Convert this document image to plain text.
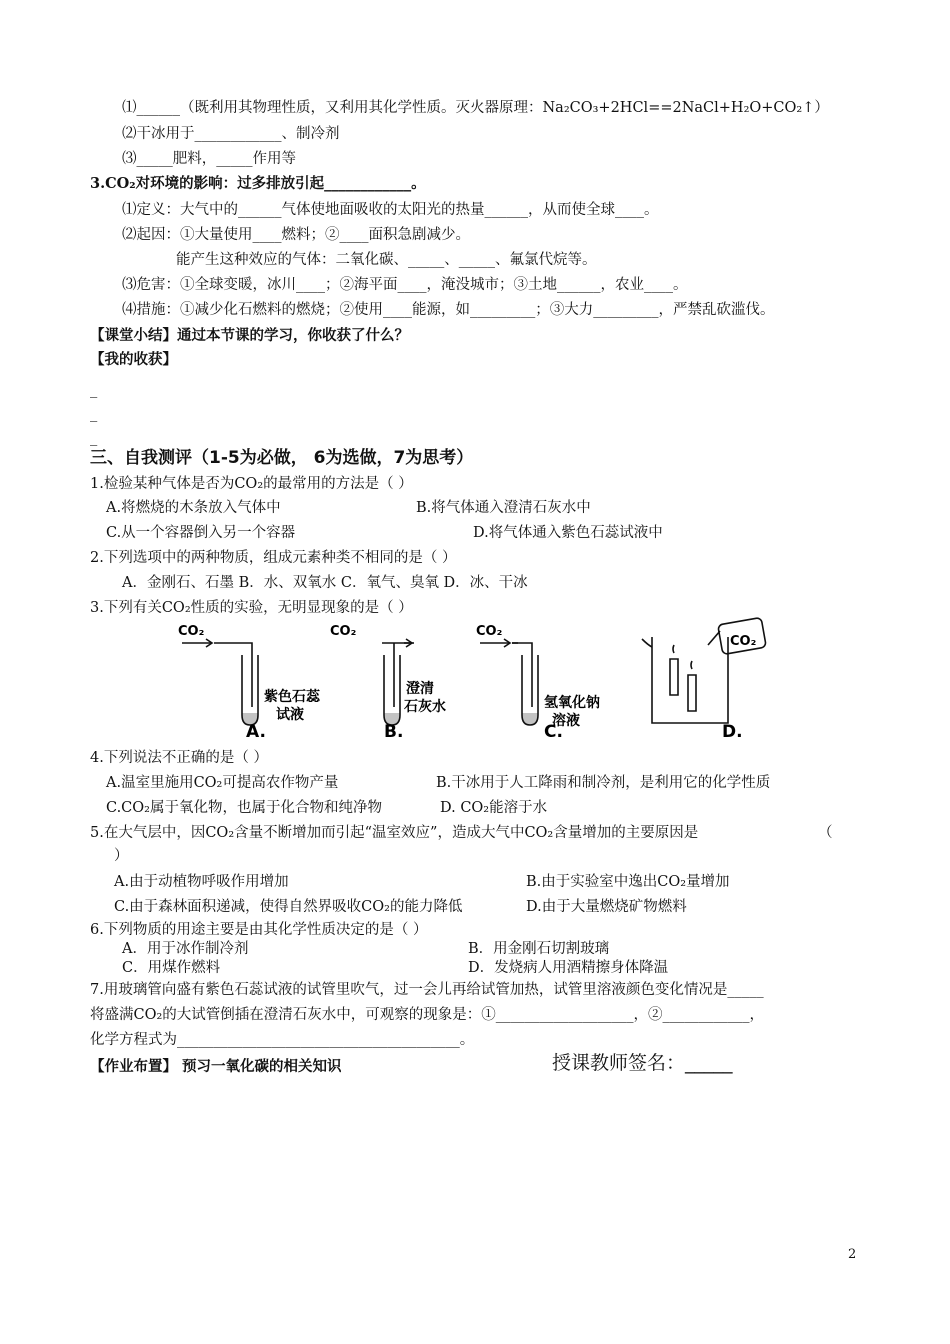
⑴______（既利用其物理性质，又利用其化学性质。灭火器原理：Na₂CO₃+2HCl==2NaCl+H₂O+CO₂↑）
⑵干冰用于____________、制冷剂
⑶_____肥料，_____作用等
3.CO₂对环境的影响：过多排放引起____________。
⑴定义：大气中的______气体使地面吸收的太阳光的热量______，从而使全球____。
⑵起因：①大量使用____燃料；②____面积急剧减少。
能产生这种效应的气体：二氧化碳、_____、_____、氟氯代烷等。
⑶危害：①全球变暖，冰川____；②海平面____，淹没城市；③土地______，农业____。
⑷措施：①减少化石燃料的燃烧；②使用____能源，如_________；③大力_________，严禁乱砍滥伐。
【课堂小结】通过本节课的学习，你收获了什么？
【我的收获】
_
_
_
三、自我测评（1-5为必做， 6为选做，7为思考）
1.检验某种气体是否为CO₂的最常用的方法是（ ）
A.将燃烧的木条放入气体中	B.将气体通入澄清石灰水中
C.从一个容器倒入另一个容器	D.将气体通入紫色石蕊试液中
2.下列选项中的两种物质，组成元素种类不相同的是（ ）
A．金刚石、石墨 B．水、双氧水 C．氧气、臭氧 D．冰、干冰
3.下列有关CO₂性质的实验，无明显现象的是（ ）
CO₂	CO₂	CO₂
CO₂
紫色石蕊
试液
澄清
石灰水	氢氧化钠
溶液
A.	B.	C.	D.
4.下列说法不正确的是（ ）
A.温室里施用CO₂可提高农作物产量	B.干冰用于人工降雨和制冷剂，是利用它的化学性质
C.CO₂属于氧化物，也属于化合物和纯净物	D. CO₂能溶于水
5.在大气层中，因CO₂含量不断增加而引起“温室效应”，造成大气中CO₂含量增加的主要原因是	（
）
A.由于动植物呼吸作用增加	B.由于实验室中逸出CO₂量增加
C.由于森林面积递减，使得自然界吸收CO₂的能力降低	D.由于大量燃烧矿物燃料
6.下列物质的用途主要是由其化学性质决定的是（ ）
A．用于冰作制冷剂	B．用金刚石切割玻璃
C．用煤作燃料	D．发烧病人用酒精擦身体降温
7.用玻璃管向盛有紫色石蕊试液的试管里吹气，过一会儿再给试管加热，试管里溶液颜色变化情况是_____
将盛满CO₂的大试管倒插在澄清石灰水中，可观察的现象是：①___________________，②____________，
化学方程式为_______________________________________。
【作业布置】 预习一氧化碳的相关知识	授课教师签名：_____
2
